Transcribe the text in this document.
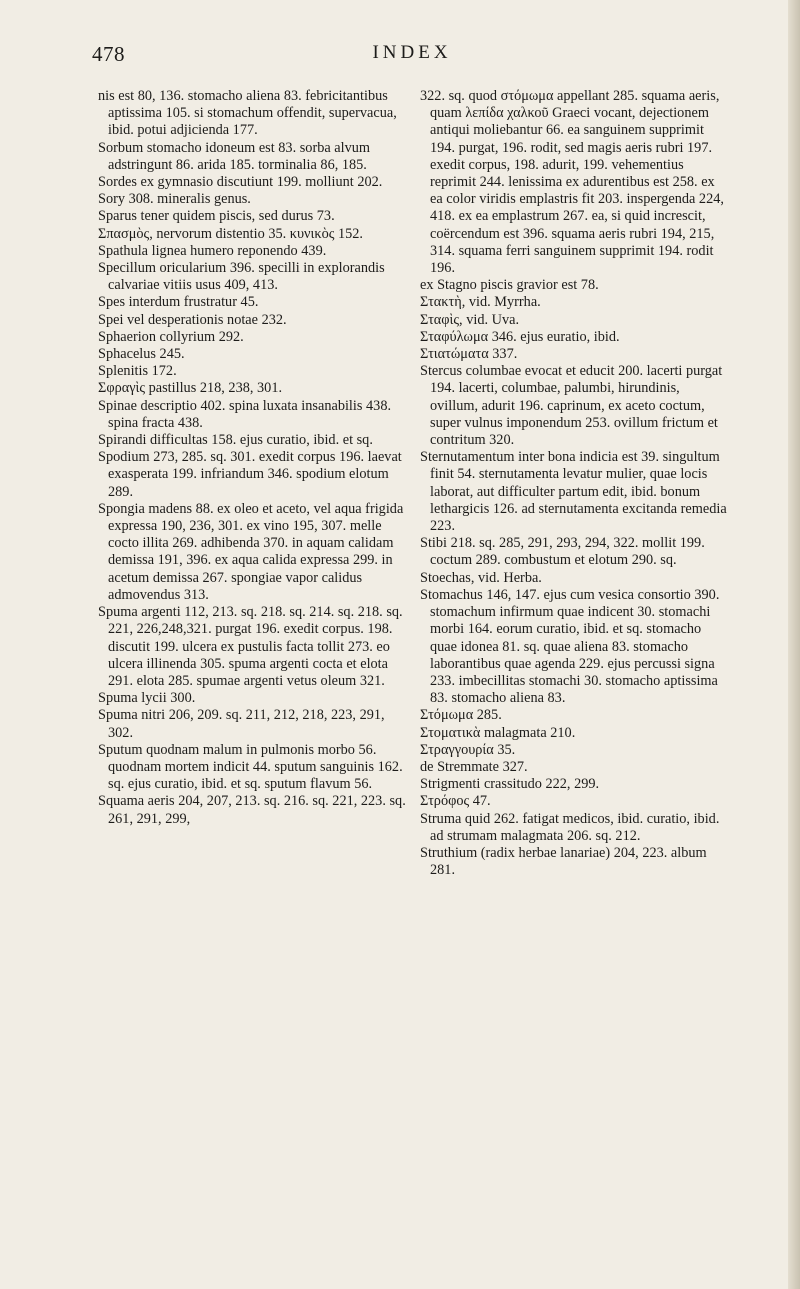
478	INDEX

nis est 80, 136. stomacho aliena 83. febricitantibus aptissima 105. si stomachum offendit, supervacua, ibid. potui adjicienda 177.

Sorbum stomacho idoneum est 83. sorba alvum adstringunt 86. arida 185. torminalia 86, 185.

Sordes ex gymnasio discutiunt 199. molliunt 202.

Sory 308. mineralis genus.

Sparus tener quidem piscis, sed durus 73.

Σπασμὸς, nervorum distentio 35. κυνικὸς 152.

Spathula lignea humero reponendo 439.

Specillum oricularium 396. specilli in explorandis calvariae vitiis usus 409, 413.

Spes interdum frustratur 45.

Spei vel desperationis notae 232.

Sphaerion collyrium 292.

Sphacelus 245.

Splenitis 172.

Σφραγὶς pastillus 218, 238, 301.

Spinae descriptio 402. spina luxata insanabilis 438. spina fracta 438.

Spirandi difficultas 158. ejus curatio, ibid. et sq.

Spodium 273, 285. sq. 301. exedit corpus 196. laevat exasperata 199. infriandum 346. spodium elotum 289.

Spongia madens 88. ex oleo et aceto, vel aqua frigida expressa 190, 236, 301. ex vino 195, 307. melle cocto illita 269. adhibenda 370. in aquam calidam demissa 191, 396. ex aqua calida expressa 299. in acetum demissa 267. spongiae vapor calidus admovendus 313.

Spuma argenti 112, 213. sq. 218. sq. 214. sq. 218. sq. 221, 226,248,321. purgat 196. exedit corpus. 198. discutit 199. ulcera ex pustulis facta tollit 273. eo ulcera illinenda 305. spuma argenti cocta et elota 291. elota 285. spumae argenti vetus oleum 321.

Spuma lycii 300.

Spuma nitri 206, 209. sq. 211, 212, 218, 223, 291, 302.

Sputum quodnam malum in pulmonis morbo 56. quodnam mortem indicit 44. sputum sanguinis 162. sq. ejus curatio, ibid. et sq. sputum flavum 56.

Squama aeris 204, 207, 213. sq. 216. sq. 221, 223. sq. 261, 291, 299,

322. sq. quod στόμωμα appellant 285. squama aeris, quam λεπίδα χαλκοῦ Graeci vocant, dejectionem antiqui moliebantur 66. ea sanguinem supprimit 194. purgat, 196. rodit, sed magis aeris rubri 197. exedit corpus, 198. adurit, 199. vehementius reprimit 244. lenissima ex adurentibus est 258. ex ea color viridis emplastris fit 203. inspergenda 224, 418. ex ea emplastrum 267. ea, si quid increscit, coërcendum est 396. squama aeris rubri 194, 215, 314. squama ferri sanguinem supprimit 194. rodit 196.

ex Stagno piscis gravior est 78.

Στακτὴ, vid. Myrrha.

Σταφὶς, vid. Uva.

Σταφύλωμα 346. ejus euratio, ibid.

Στιατώματα 337.

Stercus columbae evocat et educit 200. lacerti purgat 194. lacerti, columbae, palumbi, hirundinis, ovillum, adurit 196. caprinum, ex aceto coctum, super vulnus imponendum 253. ovillum frictum et contritum 320.

Sternutamentum inter bona indicia est 39. singultum finit 54. sternutamenta levatur mulier, quae locis laborat, aut difficulter partum edit, ibid. bonum lethargicis 126. ad sternutamenta excitanda remedia 223.

Stibi 218. sq. 285, 291, 293, 294, 322. mollit 199. coctum 289. combustum et elotum 290. sq.

Stoechas, vid. Herba.

Stomachus 146, 147. ejus cum vesica consortio 390. stomachum infirmum quae indicent 30. stomachi morbi 164. eorum curatio, ibid. et sq. stomacho quae idonea 81. sq. quae aliena 83. stomacho laborantibus quae agenda 229. ejus percussi signa 233. imbecillitas stomachi 30. stomacho aptissima 83. stomacho aliena 83.

Στόμωμα 285.

Στοματικὰ malagmata 210.

Στραγγουρία 35.

de Stremmate 327.

Strigmenti crassitudo 222, 299.

Στρόφος 47.

Struma quid 262. fatigat medicos, ibid. curatio, ibid. ad strumam malagmata 206. sq. 212.

Struthium (radix herbae lanariae) 204, 223. album 281.
